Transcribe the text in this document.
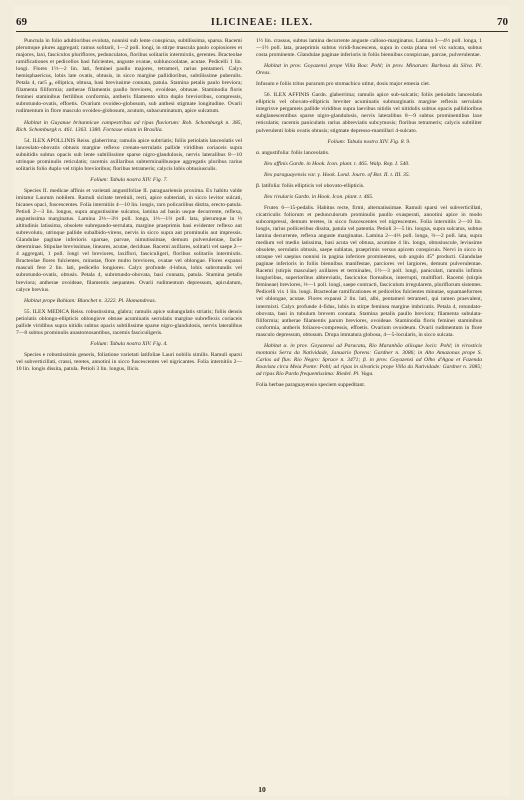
69	ILICINEAE: ILEX.	70

Punctula in folio adultioribus evoluta, nonnisi sub lente conspicua, subtilissima, sparsa. Racemi plerumque plures aggregati; ramus solitarii, 1—2 poll. longi, in stirpe mascula paulo copiosiores et majores, laxi, fasciculos pluriflores, pedunculatos, floribus solitariis intermixtis, gerentes. Bracteolae ramificationes et pedicellos basi fulcientes, anguste ovatae, subluncoolatae, acutae. Pedicelli 1 lin. longi. Flores 1½—2 lin. lati, feminei paullo majores, tetrameri, rarius pentameri. Calyx hemisphaericus, lobis late ovatis, obtusis, in sicco margine pallidioribus, subtilissime puberulis. Petala 4, rarو 5, elliptica, obtusa, basi breviusime connata, patula. Stamina petalis paulo breviora; filamenta filiformia; antherae filamentis paullo breviores, ovoideae, obtusae. Staminodia floris feminei staminibus fertilibus conformia, antheris filamento ultra duplo brevioribus, compressis, subrotundo-ovatis, effoetis. Ovarium ovoideo-globosum, sub anthesi stigmate longitudine. Ovarii rudimentum in flore masculo ovoideo-globosum, acutum, subacuminatum, apice sulcatum.

Habitat in Guyanae britannicae campestribus ad ripas fluviorum: Rob. Schomburgk n. 385, Rich. Schomburgk n. 461. 1363. 1380. Fortasse etiam in Brasilia.

54. ILEX APOLLINIS Reiss. glaberrima; ramulis apice subtriatis; foliis petiolatis lanceolatis vel lanceolato-obovatis obtusis margine reflexo crenato-serrulatis pallide viridibus coriaceis supra subnitidis subtus opacis sub lente subtilissime sparse nigro-glandulosis, nervis lateralibus 8—10 utrinque prominulis reticulatis; racemis axillaribus subterminalibusque aggregatis pluribus rarius solitariis folio duplo vel triplo brevioribus; floribus tetrameris; calycis lobis obtusiusculis.

Folium: Tabula nostra XIV. Fig. 7.

Species II. medicae affinis et varietati angustifoliae II. paraguariensis proxima. Ex habitu valde imitatur Laurum nobilem. Ramuli sicitate teretiuli, recti, apice subteriati, in sicco levitor sulcati, bicanes opaci, fuscescentes. Folia internitiis 4—10 lin. longis, raro policariibus distita, erecto-patula. Petioli 2—3 lin. longus, supra angustissime sulcatus, lamina ad basin usque decurrente, reflexa, angustissima marginatus. Lamina 2⅓—3⅓ poll. longa, 1⅓—1⅔ poll. lata, plerumque in ⅓ altitudinis latissima, obsolete subrepando-serrulata, margine praeprimis basi evidenter reflexo aut subrevoluto, utrinque pallide subalbido-virens, nervis in sicco supra aut prominulis aut impressis. Glandulae paginae inferioris sparsae, parvae, nimutissimae, demum pulverulentae, facile determinae. Stipulae brevissimae, lineares, acutae, deciduae. Racemi axillares, solitarii vel saepe 2—4 aggregati, 1 poll. longi vel breviores, laxiflori, fasciculigeri, floribus solitariis intermixtis. Bracteolae flores fulcientes, minutae, flore multo breviores, ovatae vel oblongae. Flores expansi masculi fere 2 lin. lati, pedicello longiores. Calyx profunde 4-lobus, lobis subrotundis vel subrotundo-ovatis, obtusis. Petala 4, subrotundo-obovata, basi connata, patula. Stamina petalis breviora; antherae ovoideae, filamentis aequantes. Ovarii rudimentum depressum, apiculatum, calyce brevius.

Habitat prope Bahiam: Blanchet n. 3222. Pl. Hamandreas.

55. ILEX MEDICA Reiss. robustissima, glabra; ramulis apice subangulatis striatis; foliis densis petiolatis oblongo-ellipticis oblongisve obtuse acuminatis serrulatis margine subreflexis coriaceis pallide viridibus supra nitidis subtus opacis subtilissime sparse nigro-glandulosis, nervis lateralibus 7—8 subtus prominulis anastomosantibus, racemis fasciculigeris.

Folium: Tabula nostra XIV. Fig. 4.

Species e robustissimis generis, foliatione varietati latifoliae Lauri nobilis similis. Ramuli sparsi vel subverticillati, crassi, teretes, annotini in sicco fuscescentes vel nigricantes. Folia internitiis 2—10 lin. longis dissita, patula. Petioli 3 lin. longus, Ilicis.

1½ lin. crassus, subtus lamina decurrente anguste calloso-marginatus. Lamina 3—4½ poll. longa, 1—1½ poll. lata, praeprimis subtus viridi-fuscescens, supra in costa plana vel vix sulcata, subtus costa prominente. Glandulae paginae inferioris in foliis biennibus conspicuae, parcae, pulverulentae.

Habitat in prov. Goyazensi prope Villa Boa: Pohl; in prov. Minarum: Barbosa da Silva. Pl. Oreas.

Infusum e foliis tritus purarum pro stomachico utitur, dosis major emesia ciet.

56. ILEX AFFINIS Gardn. glaberrima; ramulis apice sub-sulcatis; foliis petiolatis lanceolatis ellipticis vel obovato-ellipticis breviter acuminatis submarginatis margine reflexis serrulatis integrisve pergameis pallide viridibus supra laevibus nitidis vel nitidulis subtus opacis pallidioribus subglanescentibus sparse nigro-glandulosis, nervis lateralibus 8—9 subtus prominentibus laxe reticulatis; racemis paniculatis rarius abbreviatis subcymosis; floribus tetrameris; calycis subtiliter pulverulenti lobis ovatis obtusis; stigmate depresso-mamillari 4-sulcato.

Folium: Tabula nostra XIV. Fig. 8. 9.

α. angustifolia: foliis lanceolatis.

Ilex affinis Gardn. in Hook. Icon. plant. t. 465. Walp. Rep. I. 540.

Ilex paraguayensis var. γ. Hook. Lond. Journ. of Bot. II. t. III. 35.

β. latifolia: foliis ellipticis vel obovato-ellipticis.

Ilex rivularis Gardn. in Hook. Icon. plant. t. 465.

Frutex 6—15-pedalis. Habitus recte, firmi, alternatissimae. Ramuli sparsi vel subverticillati, cicatriculis foliorum et pedunculorum prominulis paullo exasperati, annotini apice in modo subcompressi, demum teretes, in sicco fuscescentes vel nigrescentes. Folia internitiis 2—10 lin. longis, rarius polliceribus dissita, patula vel patentia. Petioli 3—5 lin. longus, supra sulcatus, subtus lamina decurrente, reflexa anguste marginatus. Lamina 2—4⅓ poll. longa, ⅔—2 poll. lata, supra medium vel medio latissima, basi acuta vel obtusa, acumine 4 lin. longo, obtusiuscule, leviusime obsolete, serrulatis obtusis, saepe sublatas, praeprimis versus apicem conspicuis. Nervi in sicco in utraque vel saepius nonnisi in pagina inferiore prominentes, sub angulo 45° producti. Glandulae paginae inferioris in foliis biennibus manifestae, parciores vel largiores, demum pulverulentae. Racemi (stirpis masculae) axillares et terminales, 1½—3 poll. longi, paniculati, ramulis infimis longioribus, superioribus abbreviatis, fasciculos floreaibus, interrupti, multiflori. Racemi (stirpis femineae) breviores, ⅓—1 poll. longi, saepe contracti, fasciculum irregularem, pluriflorum sistentes. Pedicelli vix 1 lin. longi. Bracteolae ramificationes et pedicellos fulcientes minutae, squamaeformes vel oblongae, acutae. Flores expansi 2 lin. lati, albi, pentameri tetrameri, qui tamen praevalent, intermixti. Calyx profunde 4-fidus, lobis in stirpe feminea margine imbricatis. Petala 4, rotundato-obovata, basi in tubulum brevem connata. Stamina petalis paullo breviora; filamenta subulata-filiformia; antherae filamentis parum breviores, ovoideae. Staminodia floris feminei staminibus conformia, antheris foliaceo-compressis, effoetis. Ovarium ovoideum. Ovarii rudimentum in flore masculo depressum, obtusum. Drupa immatura globosa, 4—5-locularis, in sicco sulcata.

Habitat α. in prov. Goyazensi ad Paracatu, Rio Maranhão aliisque locis: Pohl; in virosticis montanis Serra da Natividade, Januario florens: Gardner n. 3086; in Alto Amazonas prope S. Carlos ad fluv. Rio Negro: Spruce n. 3471; β. in prov. Goyazensi ad Olho d'Agoa et Fazenda Boavista circa Meia Ponte: Pohl; ad ripas in silvaticis prope Villa da Natividade: Gardner n. 3085; ad ripas Rio Pardo frequentissima: Riedel. Pl. Vaga.

Folia herbae paraguayensis speciem suppeditant.

10
